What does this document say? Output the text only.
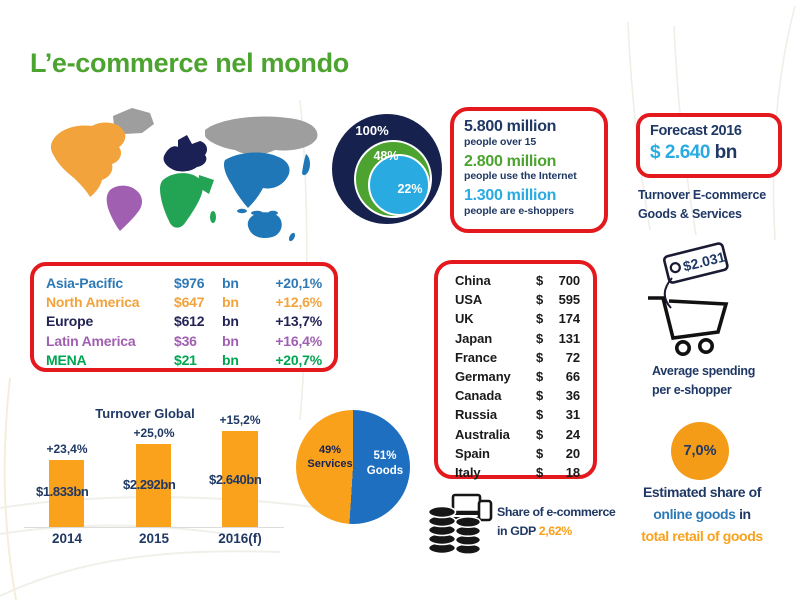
L’e-commerce nel mondo
100%
48%
22%
5.800 million
people over 15
2.800 million
people use the Internet
1.300 million
people are e-shoppers
Forecast 2016
$ 2.640 bn
Turnover E-commerce
Goods & Services
Asia-Pacific	$976	bn	+20,1%
North America	$647	bn	+12,6%
Europe	$612	bn	+13,7%
Latin America	$36	bn	+16,4%
MENA	$21	bn	+20,7%
China	$	700
USA	$	595
UK	$	174
Japan	$	131
France	$	72
Germany	$	66
Canada	$	36
Russia	$	31
Australia	$	24
Spain	$	20
Italy	$	18
Turnover Global
+23,4%
+25,0%
+15,2%
$1.833bn	$2.292bn	$2.640bn
2014	2015	2016(f)
49%
Services
51%
Goods
Share of e-commerce
in GDP 2,62%
$2.031
Average spending
per e-shopper
7,0%
Estimated share of
online goods in
total retail of goods
